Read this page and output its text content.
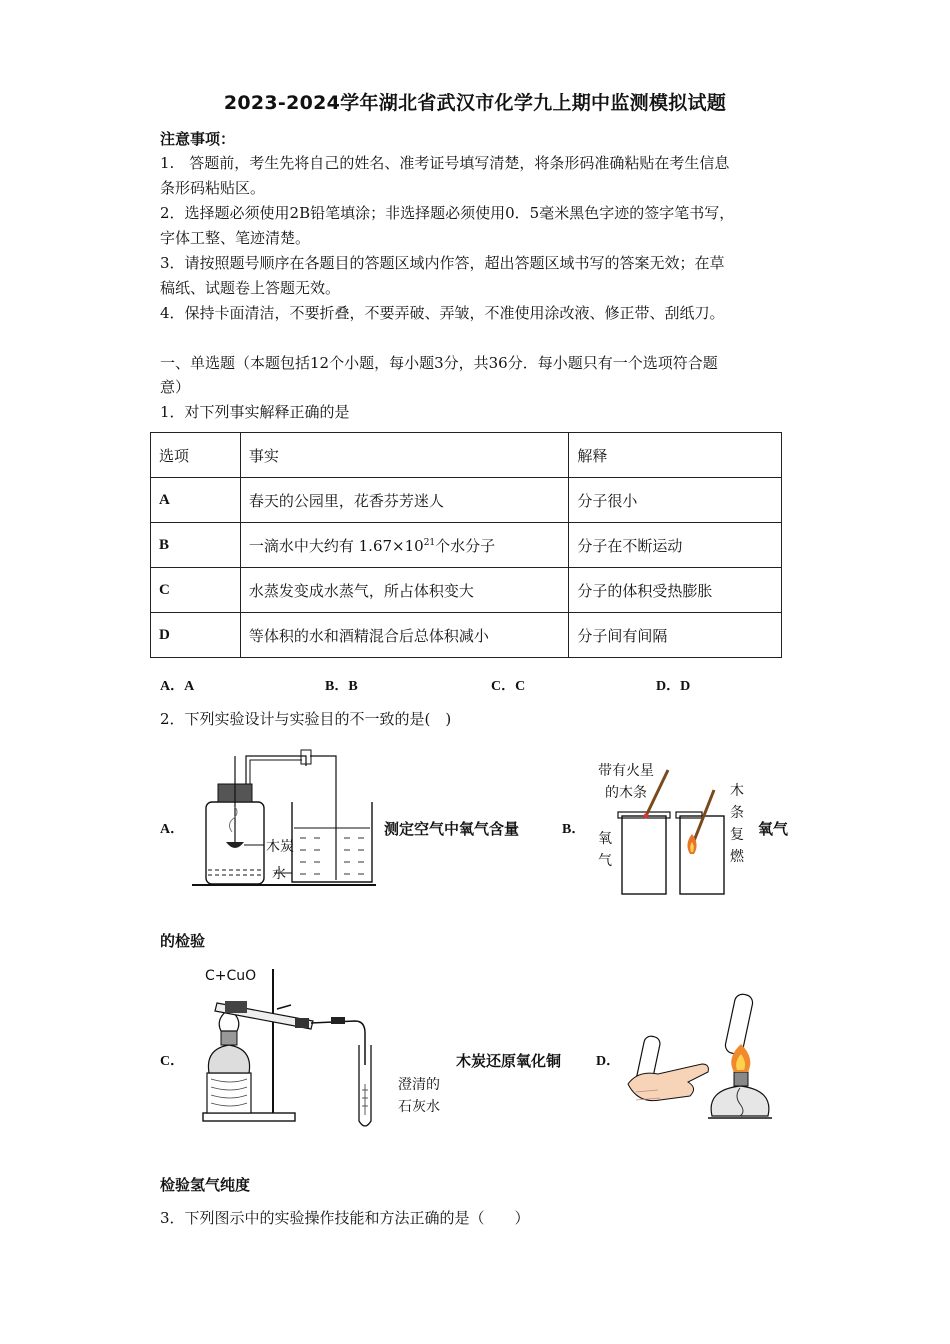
2023-2024学年湖北省武汉市化学九上期中监测模拟试题
注意事项：
1.　答题前，考生先将自己的姓名、准考证号填写清楚，将条形码准确粘贴在考生信息
条形码粘贴区。
2．选择题必须使用2B铅笔填涂；非选择题必须使用0．5毫米黑色字迹的签字笔书写，
字体工整、笔迹清楚。
3．请按照题号顺序在各题目的答题区域内作答，超出答题区域书写的答案无效；在草
稿纸、试题卷上答题无效。
4．保持卡面清洁，不要折叠，不要弄破、弄皱，不准使用涂改液、修正带、刮纸刀。
一、单选题（本题包括12个小题，每小题3分，共36分．每小题只有一个选项符合题
意）
1．对下列事实解释正确的是
选项	事实	解释
A	春天的公园里，花香芬芳迷人	分子很小
B	一滴水中大约有 $1.67\times 10^{21}$个水分子	分子在不断运动
C	水蒸发变成水蒸气，所占体积变大	分子的体积受热膨胀
D	等体积的水和酒精混合后总体积减小	分子间有间隔
A．A	B．B	C．C	D．D
2．下列实验设计与实验目的不一致的是(　)
A．
木炭
水
测定空气中氧气含量	B．
带有火星
的木条
氧
气
木
条
复
燃
氧气
的检验
C．
C+CuO
澄清的
石灰水
木炭还原氧化铜 D．
检验氢气纯度
3．下列图示中的实验操作技能和方法正确的是（　　）
